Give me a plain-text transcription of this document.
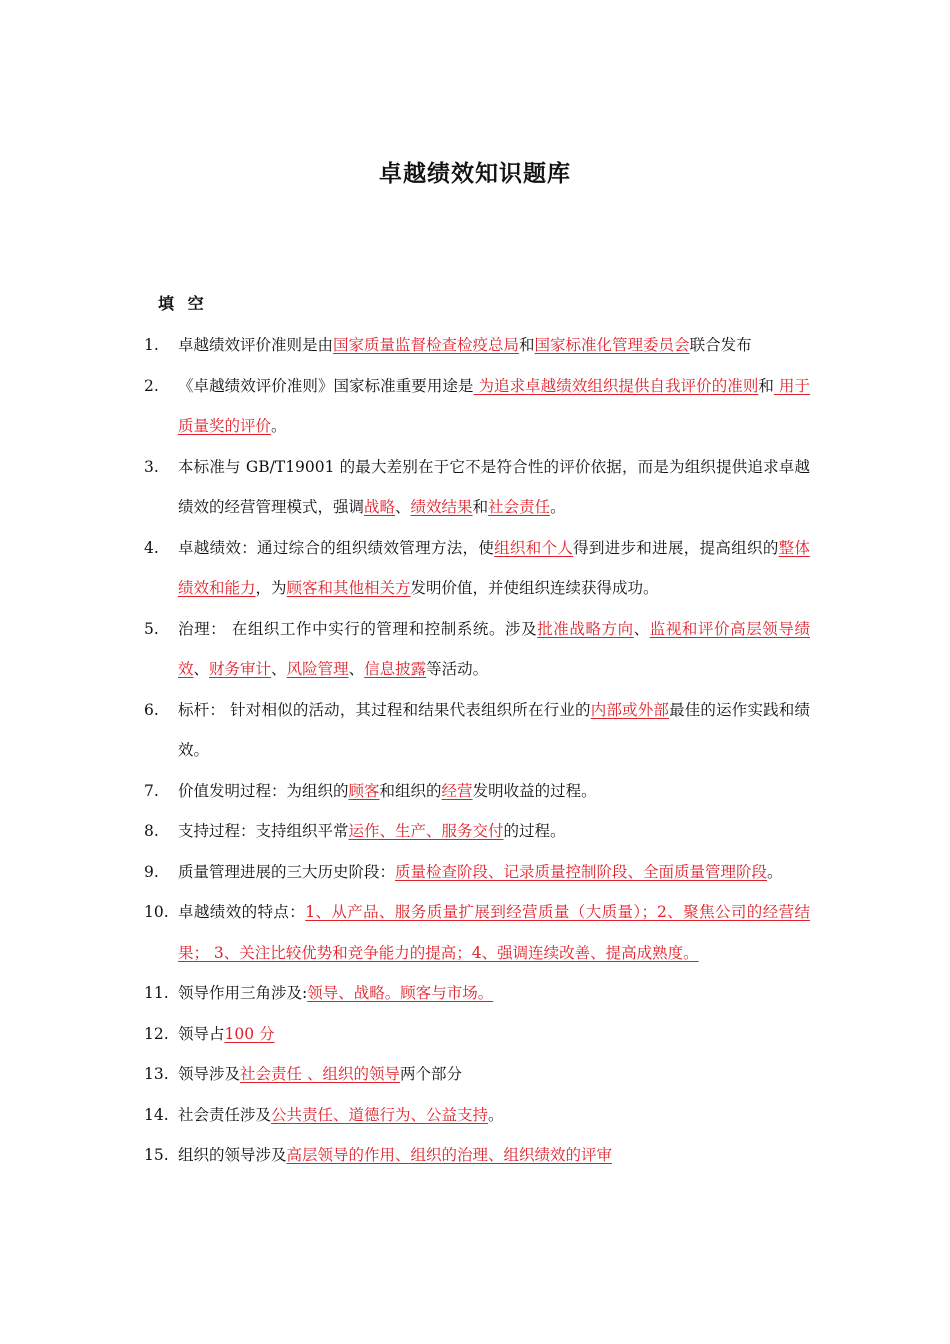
卓越绩效知识题库
填 空
1. 卓越绩效评价准则是由国家质量监督检查检疫总局和国家标准化管理委员会联合发布
2. 《卓越绩效评价准则》国家标准重要用途是 为追求卓越绩效组织提供自我评价的准则和 用于质量奖的评价。
3. 本标准与 GB/T19001 的最大差别在于它不是符合性的评价依据，而是为组织提供追求卓越绩效的经营管理模式，强调战略、绩效结果和社会责任。
4. 卓越绩效：通过综合的组织绩效管理方法，使组织和个人得到进步和进展，提高组织的整体绩效和能力，为顾客和其他相关方发明价值，并使组织连续获得成功。
5. 治理： 在组织工作中实行的管理和控制系统。涉及批准战略方向、监视和评价高层领导绩效、财务审计、风险管理、信息披露等活动。
6. 标杆： 针对相似的活动，其过程和结果代表组织所在行业的内部或外部最佳的运作实践和绩效。
7. 价值发明过程：为组织的顾客和组织的经营发明收益的过程。
8. 支持过程：支持组织平常运作、生产、服务交付的过程。
9. 质量管理进展的三大历史阶段：质量检查阶段、记录质量控制阶段、全面质量管理阶段。
10. 卓越绩效的特点：1、从产品、服务质量扩展到经营质量（大质量）；2、聚焦公司的经营结果； 3、关注比较优势和竞争能力的提高；4、强调连续改善、提高成熟度。
11. 领导作用三角涉及:领导、战略。顾客与市场。
12. 领导占100 分
13. 领导涉及社会责任 、组织的领导两个部分
14. 社会责任涉及公共责任、道德行为、公益支持。
15. 组织的领导涉及高层领导的作用、组织的治理、组织绩效的评审
